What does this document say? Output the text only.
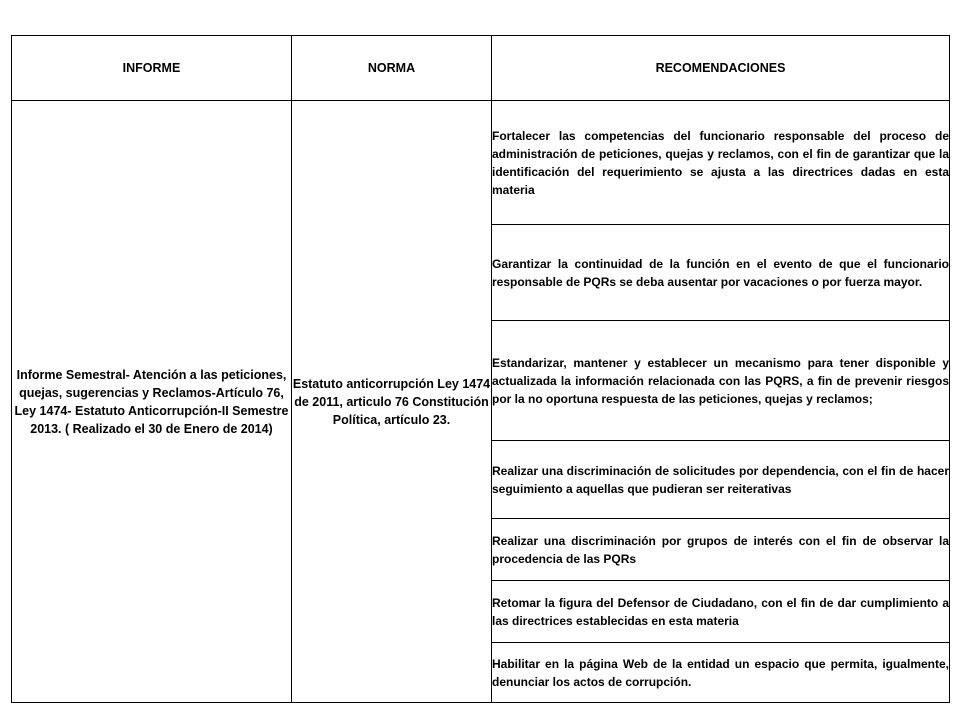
INFORME	NORMA	RECOMENDACIONES
Informe Semestral- Atención a las peticiones, quejas, sugerencias y Reclamos-Artículo 76, Ley 1474- Estatuto Anticorrupción-II Semestre 2013. ( Realizado el 30 de Enero de 2014)	Estatuto anticorrupción Ley 1474 de 2011, articulo 76 Constitución Política, artículo 23.	Fortalecer las competencias del funcionario responsable del proceso de administración de peticiones, quejas y reclamos, con el fin de garantizar que la identificación del requerimiento se ajusta a las directrices dadas en esta materia

		Garantizar la continuidad de la función en el evento de que el funcionario responsable de PQRs se deba ausentar por vacaciones o por fuerza mayor.

		Estandarizar, mantener y establecer un mecanismo para tener disponible y actualizada la información relacionada con las PQRS, a fin de prevenir riesgos por la no oportuna respuesta de las peticiones, quejas y reclamos;

		Realizar una discriminación de solicitudes por dependencia, con el fin de hacer seguimiento a aquellas que pudieran ser reiterativas

		Realizar una discriminación por grupos de interés con el fin de observar la procedencia de las PQRs

		Retomar la figura del Defensor de Ciudadano, con el fin de dar cumplimiento a las directrices establecidas en esta materia

		Habilitar en la página Web de la entidad un espacio que permita, igualmente, denunciar los actos de corrupción.
